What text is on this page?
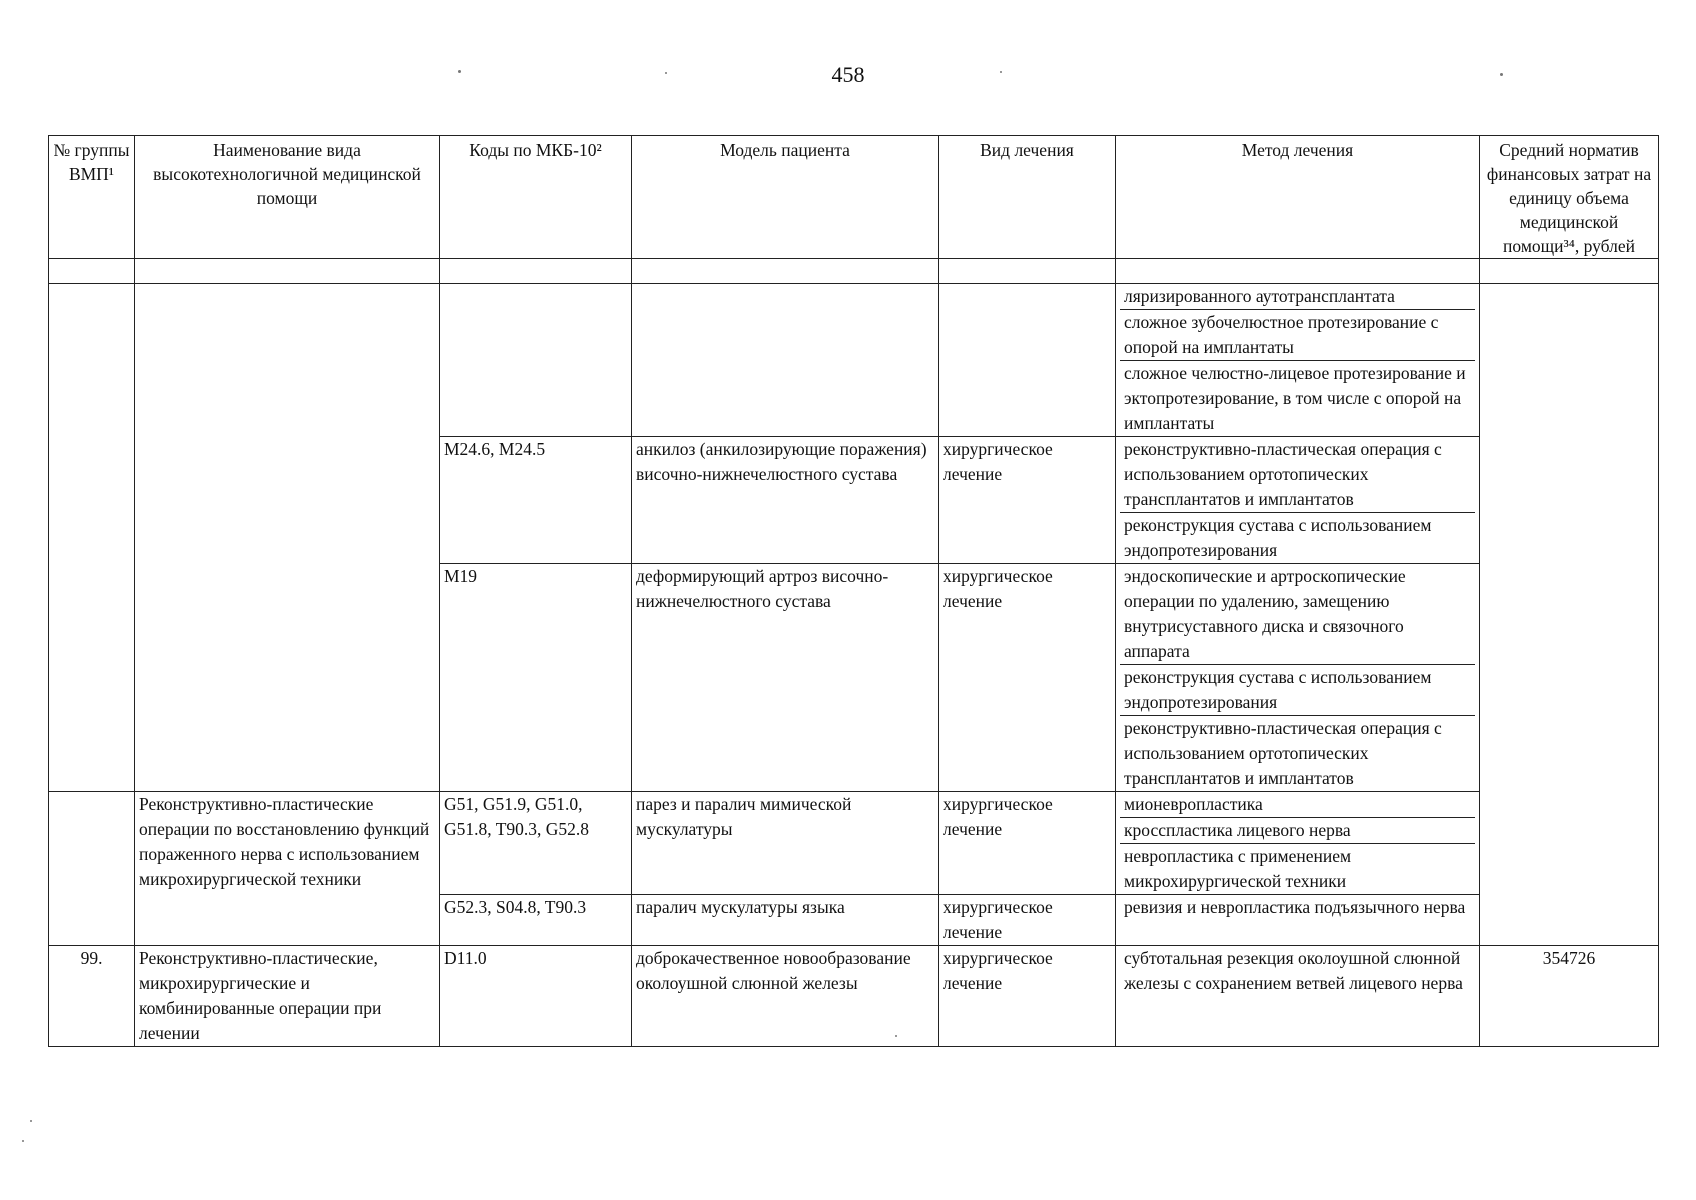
458
№ группы ВМП¹	Наименование вида высокотехнологичной медицинской помощи	Коды по МКБ-10²	Модель пациента	Вид лечения	Метод лечения	Средний норматив финансовых затрат на единицу объема медицинской помощи³⁴, рублей

					ляризированного аутотрансплантата
сложное зубочелюстное протезирование с опорой на имплантаты
сложное челюстно-лицевое протезирование и эктопротезирование, в том числе с опорой на имплантаты	

		M24.6, M24.5	анкилоз (анкилозирующие поражения) височно-нижнечелюстного сустава	хирургическое лечение	реконструктивно-пластическая операция с использованием ортотопических трансплантатов и имплантатов
реконструкция сустава с использованием эндопротезирования	

		M19	деформирующий артроз височно-нижнечелюстного сустава	хирургическое лечение	эндоскопические и артроскопические операции по удалению, замещению внутрисуставного диска и связочного аппарата
реконструкция сустава с использованием эндопротезирования
реконструктивно-пластическая операция с использованием ортотопических трансплантатов и имплантатов	

	Реконструктивно-пластические операции по восстановлению функций пораженного нерва с использованием микрохирургической техники	G51, G51.9, G51.0, G51.8, T90.3, G52.8	парез и паралич мимической мускулатуры	хирургическое лечение	мионевропластика
кросспластика лицевого нерва
невропластика с применением микрохирургической техники	

		G52.3, S04.8, T90.3	паралич мускулатуры языка	хирургическое лечение	ревизия и невропластика подъязычного нерва	

99.	Реконструктивно-пластические, микрохирургические и комбинированные операции при лечении	D11.0	доброкачественное новообразование околоушной слюнной железы	хирургическое лечение	субтотальная резекция околоушной слюнной железы с сохранением ветвей лицевого нерва	354726
